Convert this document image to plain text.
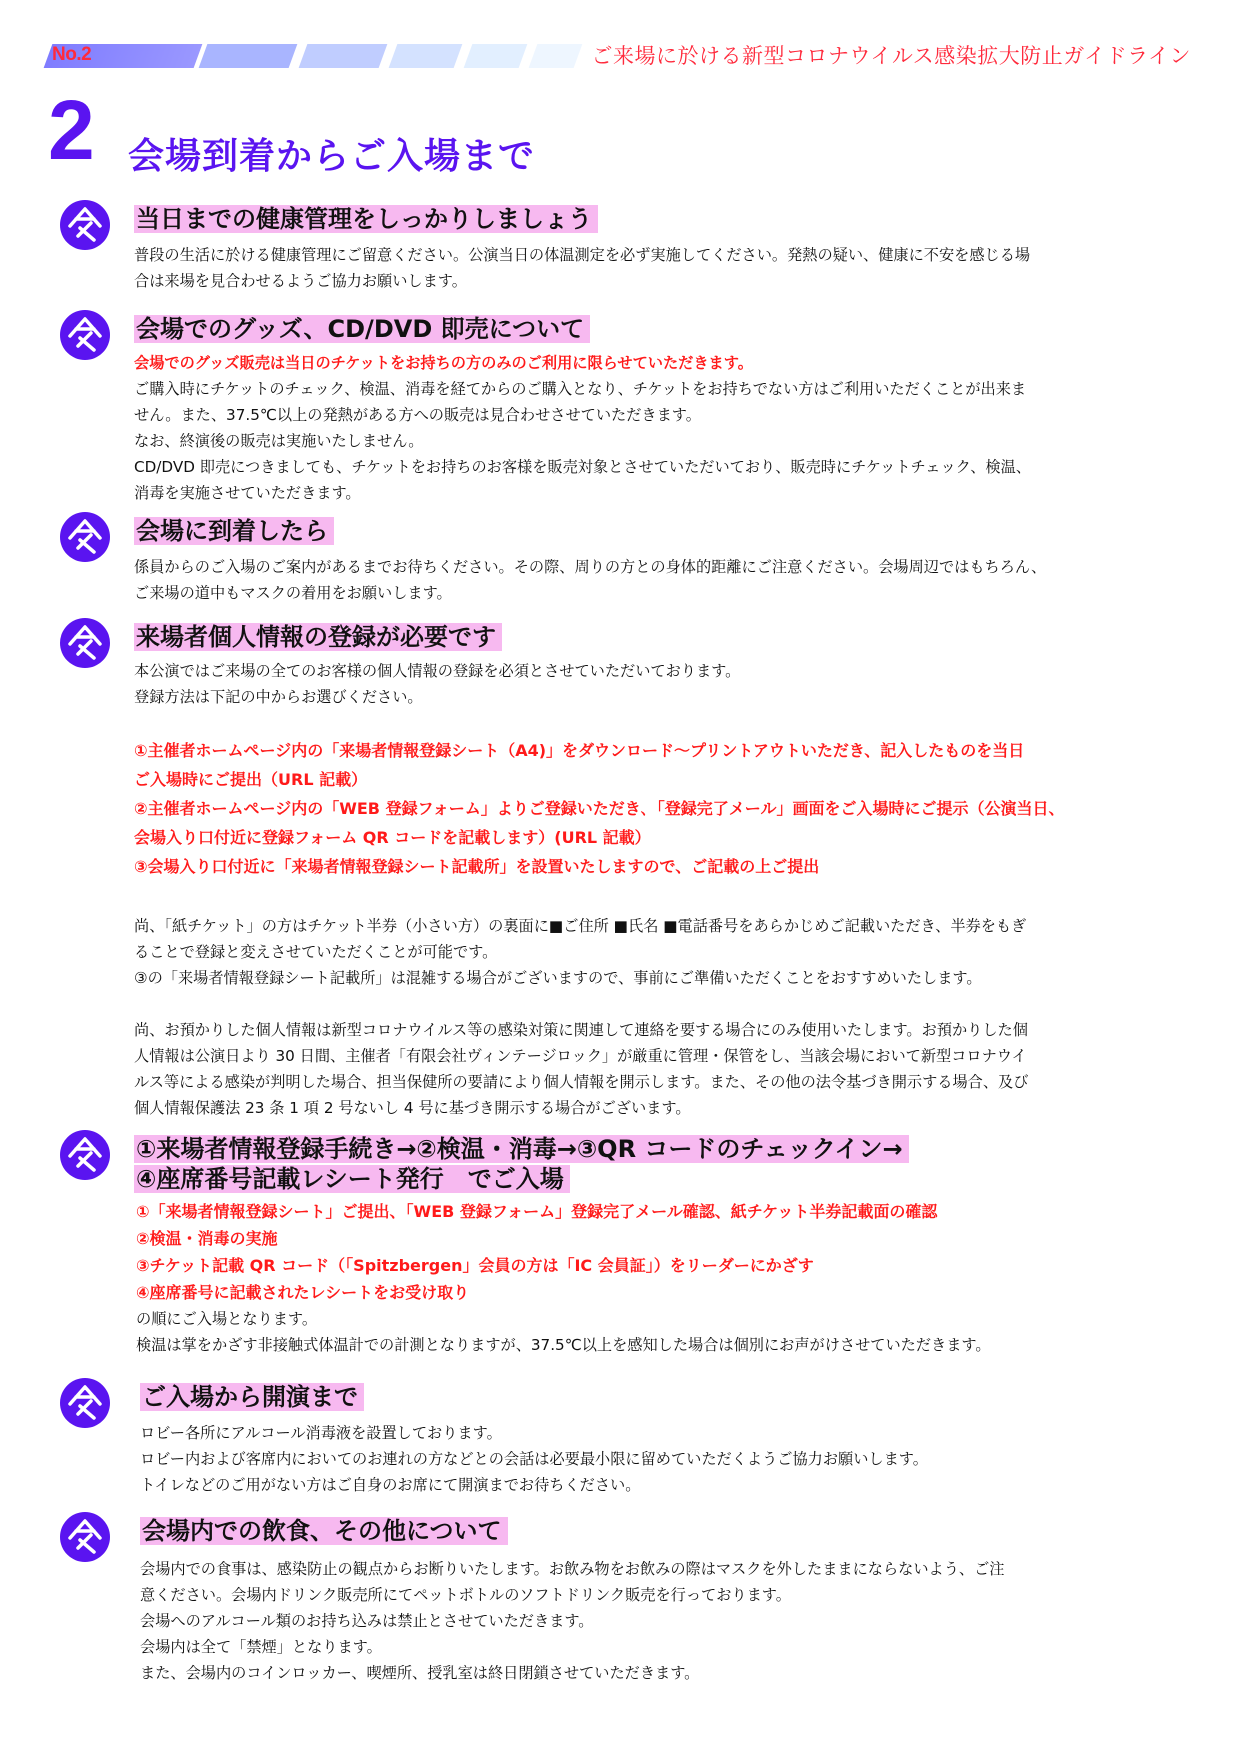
No.2	ご来場に於ける新型コロナウイルス感染拡大防止ガイドライン
2 会場到着からご入場まで
当日までの健康管理をしっかりしましょう

普段の生活に於ける健康管理にご留意ください。公演当日の体温測定を必ず実施してください。発熱の疑い、健康に不安を感じる場

合は来場を見合わせるようご協力お願いします。

会場でのグッズ、CD/DVD 即売について

会場でのグッズ販売は当日のチケットをお持ちの方のみのご利用に限らせていただきます。

ご購入時にチケットのチェック、検温、消毒を経てからのご購入となり、チケットをお持ちでない方はご利用いただくことが出来ま

せん。また、37.5℃以上の発熱がある方への販売は見合わせさせていただきます。

なお、終演後の販売は実施いたしません。

CD/DVD 即売につきましても、チケットをお持ちのお客様を販売対象とさせていただいており、販売時にチケットチェック、検温、

消毒を実施させていただきます。

会場に到着したら

係員からのご入場のご案内があるまでお待ちください。その際、周りの方との身体的距離にご注意ください。会場周辺ではもちろん、

ご来場の道中もマスクの着用をお願いします。

来場者個人情報の登録が必要です

本公演ではご来場の全てのお客様の個人情報の登録を必須とさせていただいております。

登録方法は下記の中からお選びください。

①主催者ホームページ内の「来場者情報登録シート（A4)」をダウンロード〜プリントアウトいただき、記入したものを当日

ご入場時にご提出（URL 記載）

②主催者ホームページ内の「WEB 登録フォーム」よりご登録いただき､「登録完了メール」画面をご入場時にご提示（公演当日、

会場入り口付近に登録フォーム QR コードを記載します）(URL 記載）

③会場入り口付近に「来場者情報登録シート記載所」を設置いたしますので、ご記載の上ご提出

尚、「紙チケット」の方はチケット半券（小さい方）の裏面に■ご住所 ■氏名 ■電話番号をあらかじめご記載いただき、半券をもぎ

ることで登録と変えさせていただくことが可能です。

③の「来場者情報登録シート記載所」は混雑する場合がございますので、事前にご準備いただくことをおすすめいたします。

尚、お預かりした個人情報は新型コロナウイルス等の感染対策に関連して連絡を要する場合にのみ使用いたします。お預かりした個

人情報は公演日より 30 日間、主催者「有限会社ヴィンテージロック」が厳重に管理・保管をし、当該会場において新型コロナウイ

ルス等による感染が判明した場合、担当保健所の要請により個人情報を開示します。また、その他の法令基づき開示する場合、及び

個人情報保護法 23 条 1 項 2 号ないし 4 号に基づき開示する場合がございます。

①来場者情報登録手続き→②検温・消毒→③QR コードのチェックイン→
④座席番号記載レシート発行　でご入場

①「来場者情報登録シート」ご提出、「WEB 登録フォーム」登録完了メール確認、紙チケット半券記載面の確認

②検温・消毒の実施

③チケット記載 QR コード（「Spitzbergen」会員の方は「IC 会員証」）をリーダーにかざす

④座席番号に記載されたレシートをお受け取り

の順にご入場となります。

検温は掌をかざす非接触式体温計での計測となりますが、37.5℃以上を感知した場合は個別にお声がけさせていただきます。

ご入場から開演まで

ロビー各所にアルコール消毒液を設置しております。

ロビー内および客席内においてのお連れの方などとの会話は必要最小限に留めていただくようご協力お願いします。

トイレなどのご用がない方はご自身のお席にて開演までお待ちください。

会場内での飲食、その他について

会場内での食事は、感染防止の観点からお断りいたします。お飲み物をお飲みの際はマスクを外したままにならないよう、ご注

意ください。会場内ドリンク販売所にてペットボトルのソフトドリンク販売を行っております。

会場へのアルコール類のお持ち込みは禁止とさせていただきます。

会場内は全て「禁煙」となります。

また、会場内のコインロッカー、喫煙所、授乳室は終日閉鎖させていただきます。
